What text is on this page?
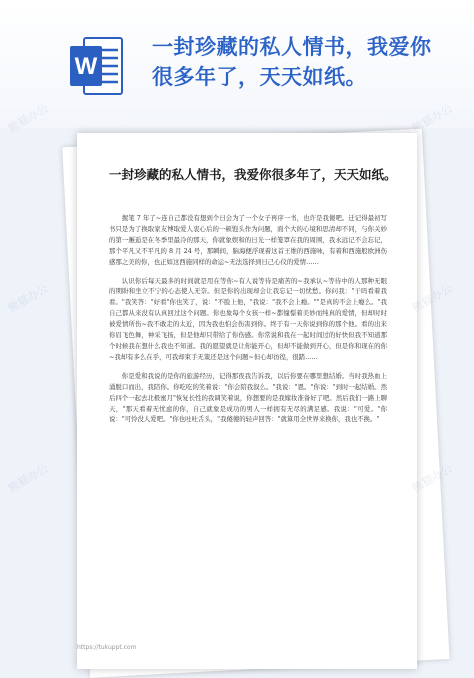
W
一封珍藏的私人情书，我爱你很多年了，天天如纸。
一封珍藏的私人情书，我爱你很多年了，天天如纸。

握笔 7 年了~连自己都没有想到个日会为了一个女子再序一书，也许是我傻吧。迁记得最初写书只是为了换取家友博取爱人衷心后的一顿饱头作为问题，面个大的心境和思清却不同，与你关妙的第一邂逅是在冬季里最冷的那天，你就象娱和的日光一样笼罩在我的周围，我永远记不会忘记，那个平凡又不平凡的 8 月 24 号，那瞬间，脑海便浮现着这首王维的西施咏，有着和西施般欧洲伤感那之美的你，也正如这西施同样的命运~无法选择到日己心仪的爱情……

认识你后每天最多的时间就是用在等你~有人说等待是痛苦的~我承认~等待中的人那种无眼的期盼和坐立不宁的心态使人无奈。但是你的出现却会让我忘记一切忧愁。你问我："干吗看着我看。"我笑答："好看"你也笑了，说："不脸上他，"我说："我不会上瘾。""是真的不会上瘾么。"我自己都从来没有认真回过这个问题。你也象每个女孩一样~都憧憬着美妙而纯真的爱情，但却时时被爱情所伤~我不敢走的太近，因为我也怕会伤害到你。终于有一天你说到你的那个他。看的出来你眉飞色舞，神采飞扬，但是他却只带给了你伤感。你常说和我在一起时间过的好快但我不知道那个时候我在想什么我也不知道。我的愿望就是让你能开心，但却不能做到开心，但是你和现在的你~我却有多么在乎，可我却束手无策还是这个问题~但心却彷徨，很踏……

你是爱和我说的是你的旅游经历，记得那夜我告诉我，以后你要在哪里想结婚。当时我热血上涌脱口而出，我陪你。你吃吃的笑着说："你会陪我叙么。"我说："恩。"你说："到时一起结婚。然后四个一起去北极蜜月"恢复长性的我调笑着说，你想要的是我嫁妆准备好了吧。然后我们一路上聊天，"那天看着无忧虑的你，自己就象是成功的男人一样拥有无尽的满足感。我说："可爱。"你说："可怜没人爱吧。"你也吐吐舌头，"我傻傻的轻声回答："就算用全世界来换你，我也不换。"

熊猫办公
熊猫办公
熊猫办公
https://tukuppt.com
